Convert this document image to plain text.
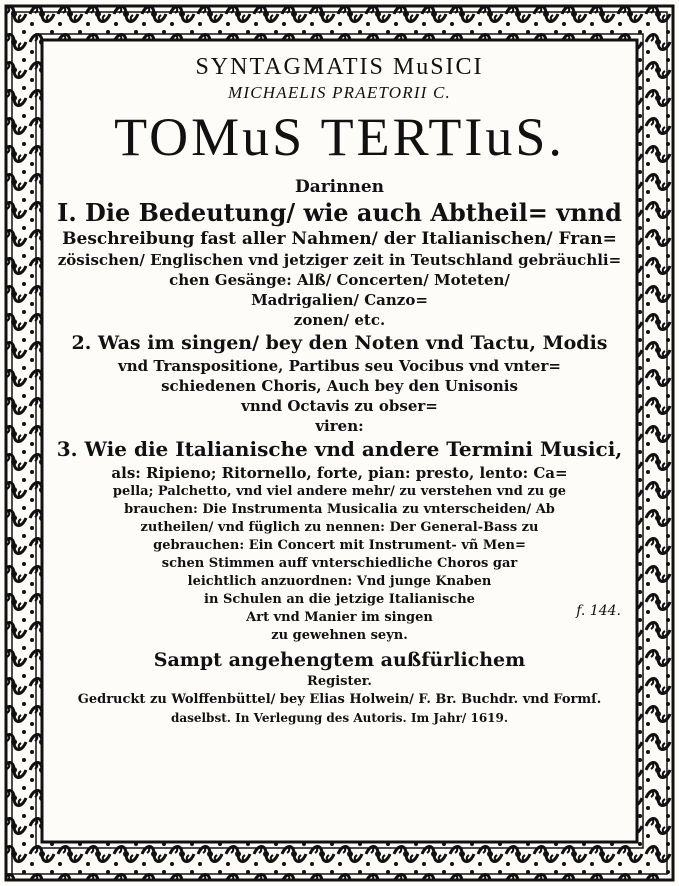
SYNTAGMATIS MuSICI
MICHAELIS PRAETORII C.
TOMuS TERTIuS.
Darinnen
I. Die Bedeutung/ wie auch Abtheil= vnnd
Beschreibung fast aller Nahmen/ der Italianischen/ Fran=
zösischen/ Englischen vnd jetziger zeit in Teutschland gebräuchli=
chen Gesänge: Alß/ Concerten/ Moteten/
Madrigalien/ Canzo=
zonen/ etc.
2. Was im singen/ bey den Noten vnd Tactu, Modis
vnd Transpositione, Partibus seu Vocibus vnd vnter=
schiedenen Choris, Auch bey den Unisonis
vnnd Octavis zu obser=
viren:
3. Wie die Italianische vnd andere Termini Musici,
als: Ripieno; Ritornello, forte, pian: presto, lento: Ca=
pella; Palchetto, vnd viel andere mehr/ zu verstehen vnd zu ge
brauchen: Die Instrumenta Musicalia zu vnterscheiden/ Ab
zutheilen/ vnd füglich zu nennen: Der General-Bass zu
gebrauchen: Ein Concert mit Instrument- vñ Men=
schen Stimmen auff vnterschiedliche Choros gar
leichtlich anzuordnen: Vnd junge Knaben
in Schulen an die jetzige Italianische
Art vnd Manier im singen
zu gewehnen seyn.
Sampt angehengtem außfürlichem
Register.
Gedruckt zu Wolffenbüttel/ bey Elias Holwein/ F. Br. Buchdr. vnd Formſ.
daselbst. In Verlegung des Autoris. Im Jahr/ 1619.
f. 144.
